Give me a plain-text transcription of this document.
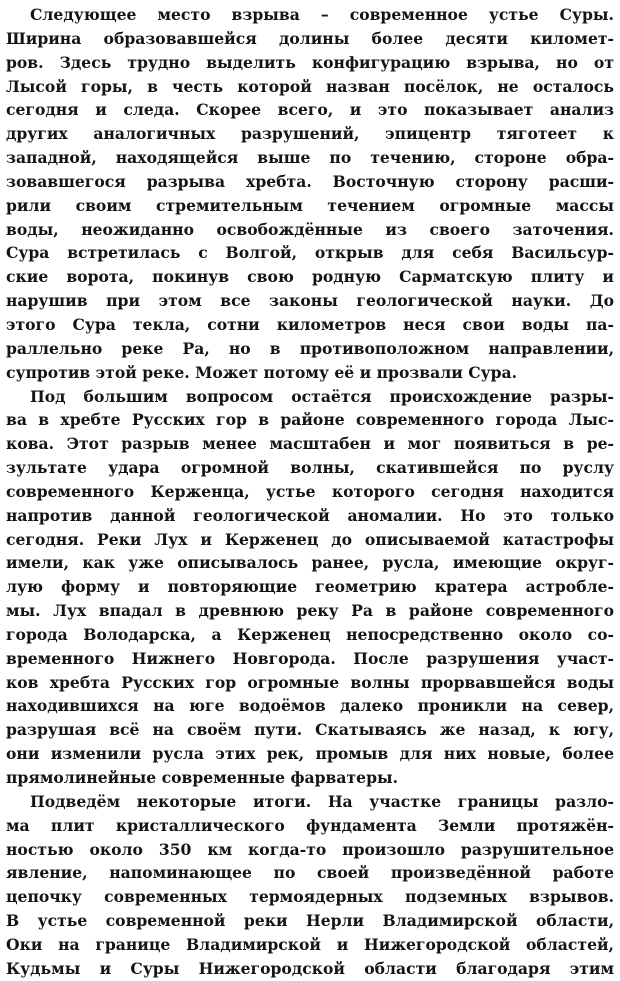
Следующее место взрыва – современное устье Суры.
Ширина образовавшейся долины более десяти километ-
ров. Здесь трудно выделить конфигурацию взрыва, но от
Лысой горы, в честь которой назван посёлок, не осталось
сегодня и следа. Скорее всего, и это показывает анализ
других аналогичных разрушений, эпицентр тяготеет к
западной, находящейся выше по течению, стороне обра-
зовавшегося разрыва хребта. Восточную сторону расши-
рили своим стремительным течением огромные массы
воды, неожиданно освобождённые из своего заточения.
Сура встретилась с Волгой, открыв для себя Васильсур-
ские ворота, покинув свою родную Сарматскую плиту и
нарушив при этом все законы геологической науки. До
этого Сура текла, сотни километров неся свои воды па-
раллельно реке Ра, но в противоположном направлении,
супротив этой реке. Может потому её и прозвали Сура.
Под большим вопросом остаётся происхождение разры-
ва в хребте Русских гор в районе современного города Лыс-
кова. Этот разрыв менее масштабен и мог появиться в ре-
зультате удара огромной волны, скатившейся по руслу
современного Керженца, устье которого сегодня находится
напротив данной геологической аномалии. Но это только
сегодня. Реки Лух и Керженец до описываемой катастрофы
имели, как уже описывалось ранее, русла, имеющие округ-
лую форму и повторяющие геометрию кратера астробле-
мы. Лух впадал в древнюю реку Ра в районе современного
города Володарска, а Керженец непосредственно около со-
временного Нижнего Новгорода. После разрушения участ-
ков хребта Русских гор огромные волны прорвавшейся воды
находившихся на юге водоёмов далеко проникли на север,
разрушая всё на своём пути. Скатываясь же назад, к югу,
они изменили русла этих рек, промыв для них новые, более
прямолинейные современные фарватеры.
Подведём некоторые итоги. На участке границы разло-
ма плит кристаллического фундамента Земли протяжён-
ностью около 350 км когда-то произошло разрушительное
явление, напоминающее по своей произведённой работе
цепочку современных термоядерных подземных взрывов.
В устье современной реки Нерли Владимирской области,
Оки на границе Владимирской и Нижегородской областей,
Кудьмы и Суры Нижегородской области благодаря этим
